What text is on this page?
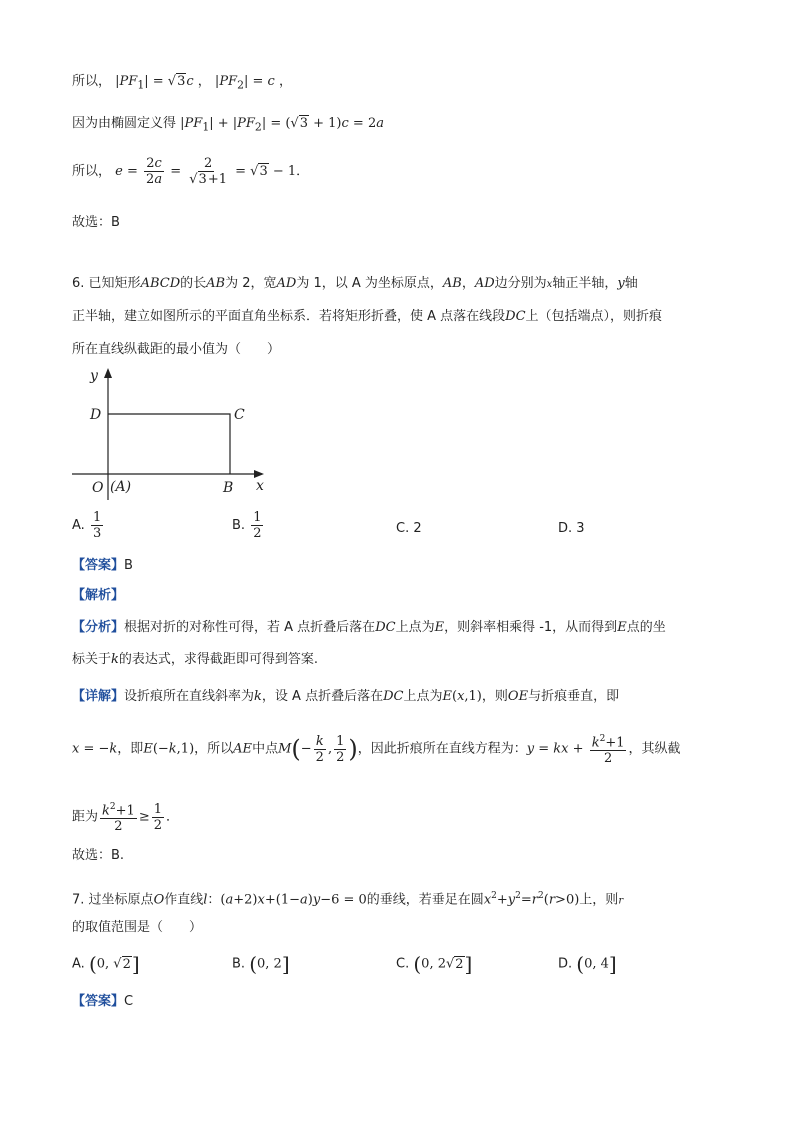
所以， $|PF_1| = √3c$ ， $|PF_2| = c$ ，
因为由椭圆定义得 $|PF_1| + |PF_2| = (√3 + 1)c = 2a$
所以， $e = \frac{2c}{2a} = \frac{2}{√3+1} = √3 - 1$．
故选：B
6. 已知矩形ABCD的长AB为 2，宽AD为 1，以 A 为坐标原点，AB，AD边分别为x轴正半轴，y轴
正半轴，建立如图所示的平面直角坐标系．若将矩形折叠，使 A 点落在线段DC上（包括端点），则折痕
所在直线纵截距的最小值为（　　）
y
D	C
O (A)	B x
A. $\frac{1}{3}$	B. $\frac{1}{2}$	C. 2	D. 3
【答案】B
【解析】
【分析】根据对折的对称性可得，若 A 点折叠后落在DC上点为E，则斜率相乘得 -1，从而得到E点的坐
标关于k的表达式，求得截距即可得到答案.
【详解】设折痕所在直线斜率为k，设 A 点折叠后落在DC上点为E(x,1)，则OE与折痕垂直，即
x = −k，即E(−k,1)，所以AE中点$M(- \frac{k}{2}$ , $\frac{1}{2}$ )，因此折痕所在直线方程为：y = kx + $\frac{k^2+1}{2}$ ，其纵截
距为 $\frac{k^2+1}{2} \ge \frac{1}{2}$ ．
故选：B.
7. 过坐标原点O作直线l：(a+2)x+(1−a)y−6 = 0的垂线，若垂足在圆$x^2+y^2=r^2(r>0)$上，则r
的取值范围是（　　）
A. (0, √2]	B. (0, 2]	C. (0, 2√2]	D. (0, 4]
【答案】C
